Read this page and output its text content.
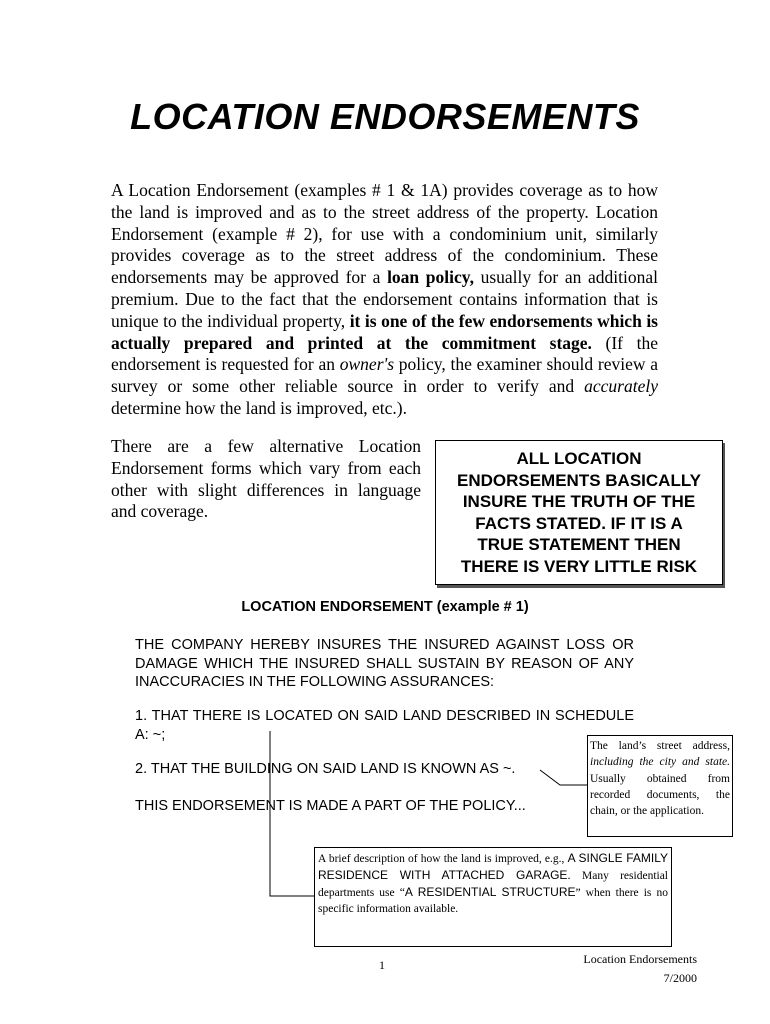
LOCATION ENDORSEMENTS
A Location Endorsement (examples # 1 & 1A) provides coverage as to how the land is improved and as to the street address of the property. Location Endorsement (example # 2), for use with a condominium unit, similarly provides coverage as to the street address of the condominium. These endorsements may be approved for a loan policy, usually for an additional premium. Due to the fact that the endorsement contains information that is unique to the individual property, it is one of the few endorsements which is actually prepared and printed at the commitment stage. (If the endorsement is requested for an owner's policy, the examiner should review a survey or some other reliable source in order to verify and accurately determine how the land is improved, etc.).
There are a few alternative Location Endorsement forms which vary from each other with slight differences in language and coverage.
ALL LOCATION
ENDORSEMENTS BASICALLY
INSURE THE TRUTH OF THE
FACTS STATED. IF IT IS A
TRUE STATEMENT THEN
THERE IS VERY LITTLE RISK
LOCATION ENDORSEMENT (example # 1)
THE COMPANY HEREBY INSURES THE INSURED AGAINST LOSS OR DAMAGE WHICH THE INSURED SHALL SUSTAIN BY REASON OF ANY INACCURACIES IN THE FOLLOWING ASSURANCES:
1. THAT THERE IS LOCATED ON SAID LAND DESCRIBED IN SCHEDULE A: ~;
2. THAT THE BUILDING ON SAID LAND IS KNOWN AS ~.
THIS ENDORSEMENT IS MADE A PART OF THE POLICY...
The land’s street address, including the city and state. Usually obtained from recorded documents, the chain, or the application.
A brief description of how the land is improved, e.g., A SINGLE FAMILY RESIDENCE WITH ATTACHED GARAGE. Many residential departments use “A RESIDENTIAL STRUCTURE” when there is no specific information available.
1	Location Endorsements
7/2000
